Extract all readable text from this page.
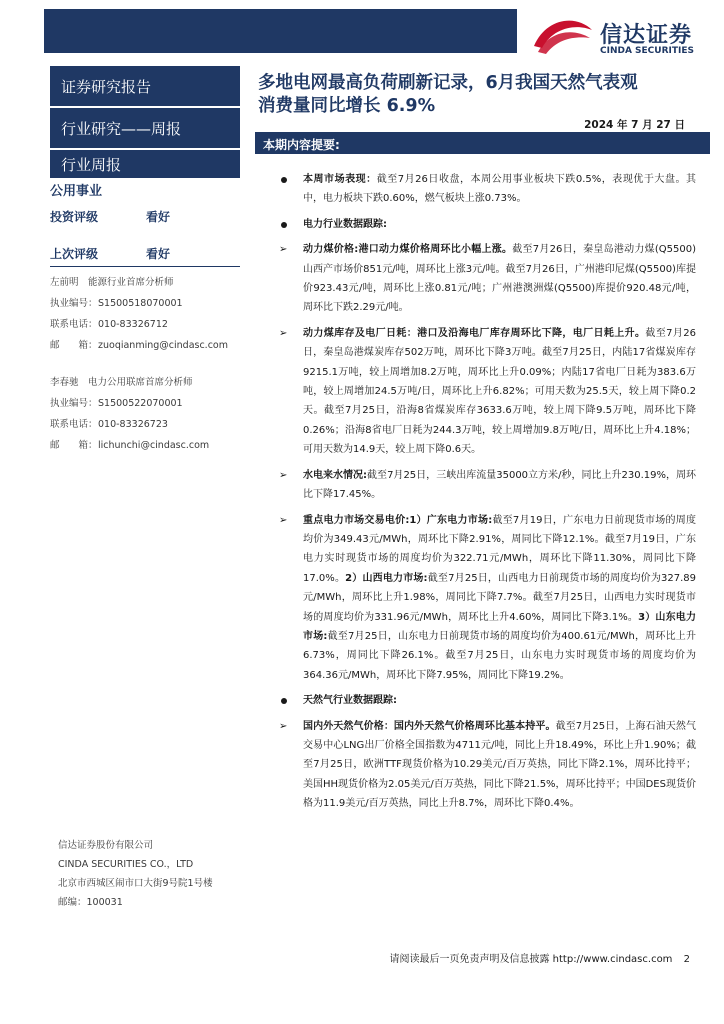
信达证券
CINDA SECURITIES
证券研究报告
行业研究——周报
行业周报
公用事业
投资评级	看好
上次评级	看好
左前明　能源行业首席分析师
执业编号：S1500518070001
联系电话：010-83326712
邮　　箱：zuoqianming@cindasc.com
李春驰　电力公用联席首席分析师
执业编号：S1500522070001
联系电话：010-83326723
邮　　箱：lichunchi@cindasc.com
信达证券股份有限公司
CINDA SECURITIES CO.，LTD
北京市西城区闹市口大街9号院1号楼
邮编：100031
多地电网最高负荷刷新记录，6月我国天然气表观
消费量同比增长 6.9%
2024 年 7 月 27 日
本期内容提要:
本周市场表现：截至7月26日收盘，本周公用事业板块下跌0.5%，表现优于大盘。其中，电力板块下跌0.60%，燃气板块上涨0.73%。
电力行业数据跟踪:
➢ 动力煤价格:港口动力煤价格周环比小幅上涨。截至7月26日，秦皇岛港动力煤(Q5500)山西产市场价851元/吨，周环比上涨3元/吨。截至7月26日，广州港印尼煤(Q5500)库提价923.43元/吨，周环比上涨0.81元/吨；广州港澳洲煤(Q5500)库提价920.48元/吨，周环比下跌2.29元/吨。
➢ 动力煤库存及电厂日耗：港口及沿海电厂库存周环比下降，电厂日耗上升。截至7月26日，秦皇岛港煤炭库存502万吨，周环比下降3万吨。截至7月25日，内陆17省煤炭库存9215.1万吨，较上周增加8.2万吨，周环比上升0.09%；内陆17省电厂日耗为383.6万吨，较上周增加24.5万吨/日，周环比上升6.82%；可用天数为25.5天，较上周下降0.2天。截至7月25日，沿海8省煤炭库存3633.6万吨，较上周下降9.5万吨，周环比下降0.26%；沿海8省电厂日耗为244.3万吨，较上周增加9.8万吨/日，周环比上升4.18%；可用天数为14.9天，较上周下降0.6天。
➢ 水电来水情况:截至7月25日，三峡出库流量35000立方米/秒，同比上升230.19%，周环比下降17.45%。
➢ 重点电力市场交易电价:1）广东电力市场:截至7月19日，广东电力日前现货市场的周度均价为349.43元/MWh，周环比下降2.91%，周同比下降12.1%。截至7月19日，广东电力实时现货市场的周度均价为322.71元/MWh，周环比下降11.30%，周同比下降17.0%。2）山西电力市场:截至7月25日，山西电力日前现货市场的周度均价为327.89元/MWh，周环比上升1.98%，周同比下降7.7%。截至7月25日，山西电力实时现货市场的周度均价为331.96元/MWh，周环比上升4.60%，周同比下降3.1%。3）山东电力市场:截至7月25日，山东电力日前现货市场的周度均价为400.61元/MWh，周环比上升6.73%，周同比下降26.1%。截至7月25日，山东电力实时现货市场的周度均价为364.36元/MWh，周环比下降7.95%，周同比下降19.2%。
天然气行业数据跟踪:
➢ 国内外天然气价格：国内外天然气价格周环比基本持平。截至7月25日，上海石油天然气交易中心LNG出厂价格全国指数为4711元/吨，同比上升18.49%，环比上升1.90%；截至7月25日，欧洲TTF现货价格为10.29美元/百万英热，同比下降2.1%，周环比持平；美国HH现货价格为2.05美元/百万英热，同比下降21.5%，周环比持平；中国DES现货价格为11.9美元/百万英热，同比上升8.7%，周环比下降0.4%。
请阅读最后一页免责声明及信息披露 http://www.cindasc.com 2
